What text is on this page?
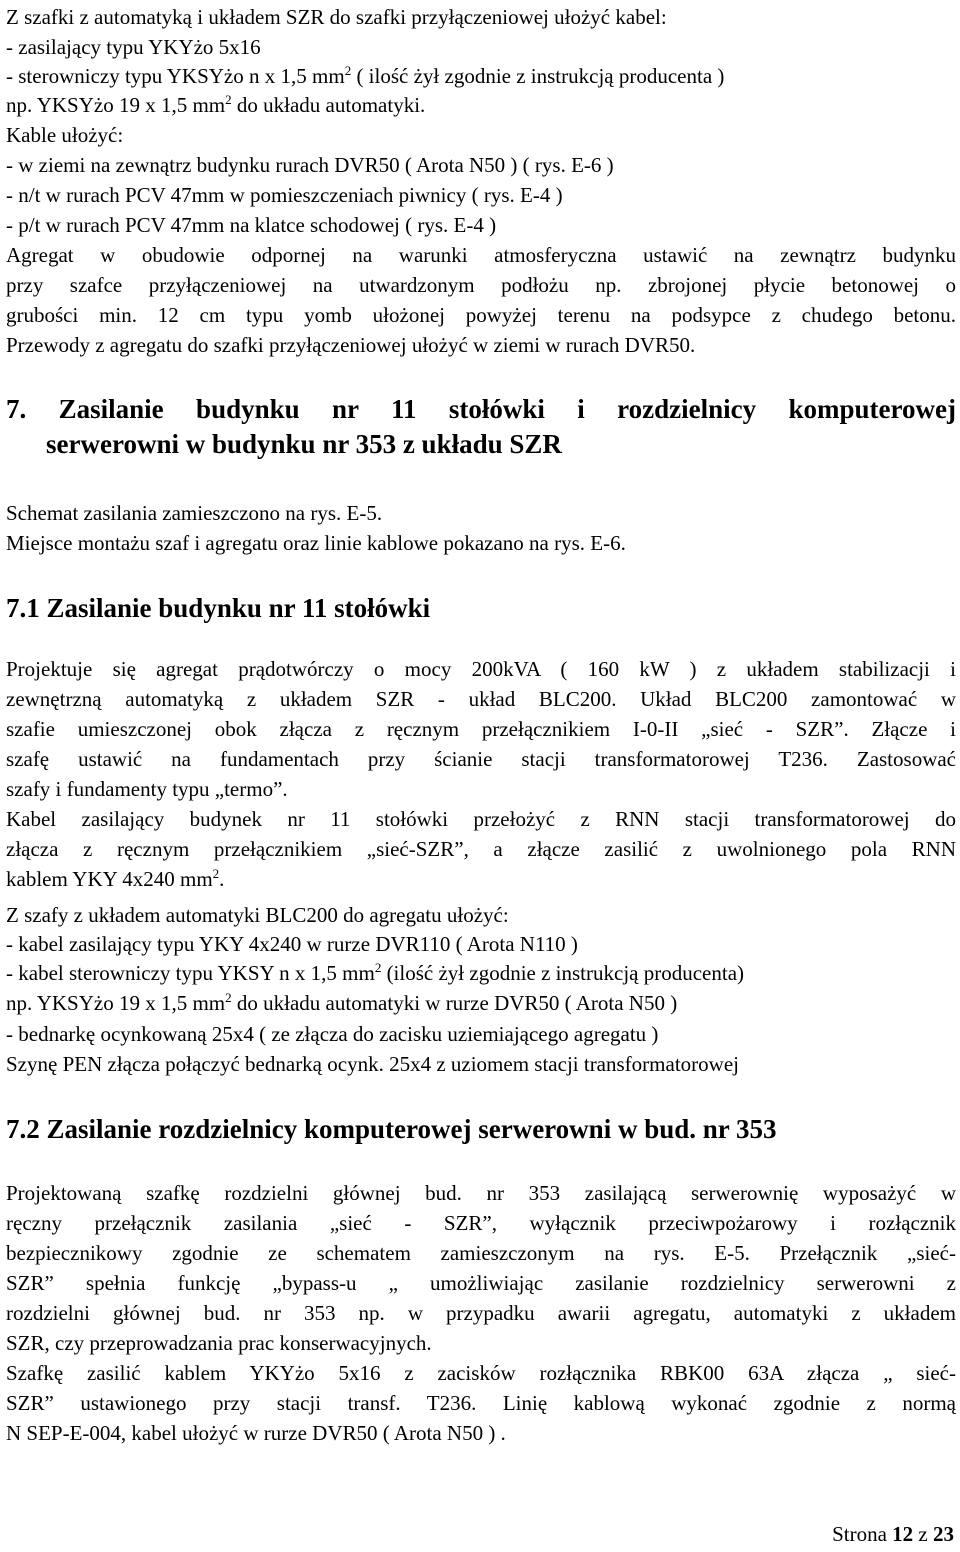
Z szafki z automatyką i układem SZR do szafki przyłączeniowej ułożyć kabel:
- zasilający typu YKYżo 5x16
- sterowniczy typu YKSYżo n x 1,5 $mm^2$ ( ilość żył zgodnie z instrukcją producenta )
np. YKSYżo 19 x 1,5 $mm^2$ do układu automatyki.
Kable ułożyć:
- w ziemi na zewnątrz budynku rurach DVR50 ( Arota N50 ) ( rys. E-6 )
- n/t w rurach PCV 47mm w pomieszczeniach piwnicy ( rys. E-4 )
- p/t w rurach PCV 47mm na klatce schodowej ( rys. E-4 )
Agregat w obudowie odpornej na warunki atmosferyczna ustawić na zewnątrz budynku
przy szafce przyłączeniowej na utwardzonym podłożu np. zbrojonej płycie betonowej o
grubości min. 12 cm typu yomb ułożonej powyżej terenu na podsypce z chudego betonu.
Przewody z agregatu do szafki przyłączeniowej ułożyć w ziemi w rurach DVR50.
7. Zasilanie budynku nr 11 stołówki i rozdzielnicy komputerowej
serwerowni w budynku nr 353 z układu SZR
Schemat zasilania zamieszczono na rys. E-5.
Miejsce montażu szaf i agregatu oraz linie kablowe pokazano na rys. E-6.
7.1 Zasilanie budynku nr 11 stołówki
Projektuje się agregat prądotwórczy o mocy 200kVA ( 160 kW ) z układem stabilizacji i
zewnętrzną automatyką z układem SZR - układ BLC200. Układ BLC200 zamontować w
szafie umieszczonej obok złącza z ręcznym przełącznikiem I-0-II „sieć - SZR”. Złącze i
szafę ustawić na fundamentach przy ścianie stacji transformatorowej T236. Zastosować
szafy i fundamenty typu „termo”.
Kabel zasilający budynek nr 11 stołówki przełożyć z RNN stacji transformatorowej do
złącza z ręcznym przełącznikiem „sieć-SZR”, a złącze zasilić z uwolnionego pola RNN
kablem YKY 4x240 $mm^2$.
Z szafy z układem automatyki BLC200 do agregatu ułożyć:
- kabel zasilający typu YKY 4x240 w rurze DVR110 ( Arota N110 )
- kabel sterowniczy typu YKSY n x 1,5 $mm^2$ (ilość żył zgodnie z instrukcją producenta)
np. YKSYżo 19 x 1,5 $mm^2$ do układu automatyki w rurze DVR50 ( Arota N50 )
- bednarkę ocynkowaną 25x4 ( ze złącza do zacisku uziemiającego agregatu )
Szynę PEN złącza połączyć bednarką ocynk. 25x4 z uziomem stacji transformatorowej
7.2 Zasilanie rozdzielnicy komputerowej serwerowni w bud. nr 353
Projektowaną szafkę rozdzielni głównej bud. nr 353 zasilającą serwerownię wyposażyć w
ręczny przełącznik zasilania „sieć - SZR”, wyłącznik przeciwpożarowy i rozłącznik
bezpiecznikowy zgodnie ze schematem zamieszczonym na rys. E-5. Przełącznik „sieć-
SZR” spełnia funkcję „bypass-u „ umożliwiając zasilanie rozdzielnicy serwerowni z
rozdzielni głównej bud. nr 353 np. w przypadku awarii agregatu, automatyki z układem
SZR, czy przeprowadzania prac konserwacyjnych.
Szafkę zasilić kablem YKYżo 5x16 z zacisków rozłącznika RBK00 63A złącza „ sieć-
SZR” ustawionego przy stacji transf. T236. Linię kablową wykonać zgodnie z normą
N SEP-E-004, kabel ułożyć w rurze DVR50 ( Arota N50 ) .
Strona 12 z 23
